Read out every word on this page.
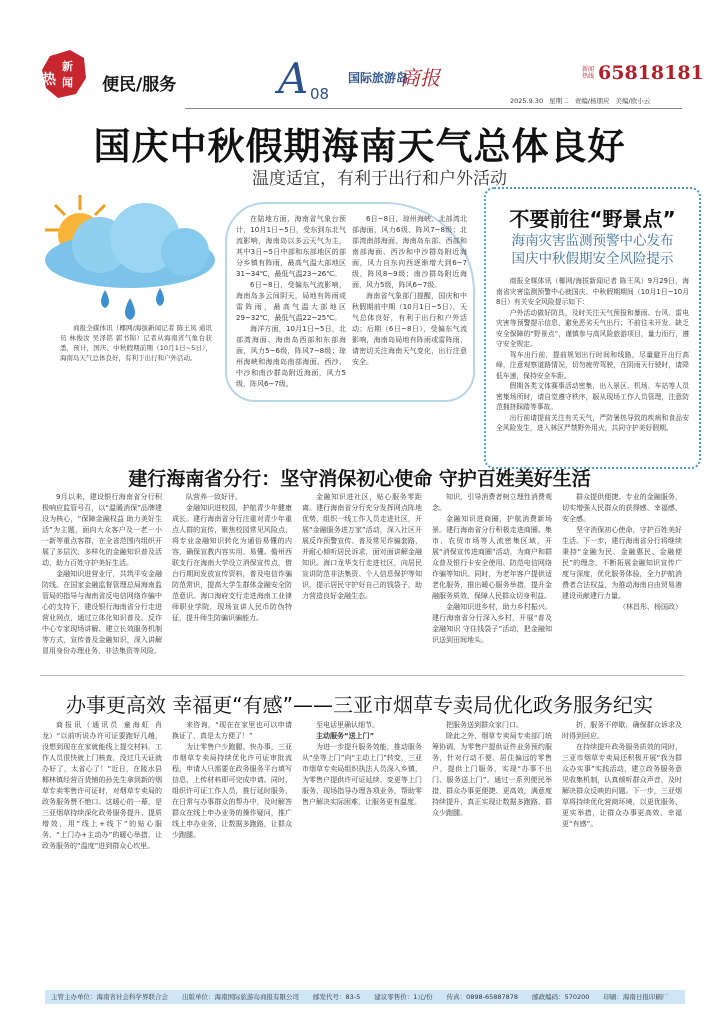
新
闻
热	便民/服务 A 08
国际旅游岛
商报	新闻热线 65818181
2025.9.30 星期二 责编/杨朋应 美编/欧小云
国庆中秋假期海南天气总体良好
温度适宜，有利于出行和户外活动

商报全媒体讯（椰网/海拔新闻记者 陈王凤 通讯员 林俊汝 吴泽铭 郭书锦）记者从海南省气象台获悉，预计，国庆、中秋假期前期（10月1日~5日），海南岛天气总体良好，有利于出行和户外活动。

在陆地方面，海南省气象台预计，10月1日~5日，受东到东北气流影响，海南岛以多云天气为主，其中3日~5日中部和东部地区的部分乡镇有阵雨，最高气温大部地区31~34℃，最低气温23~26℃。

6日~8日，受偏东气流影响，海南岛多云间阴天，局地有阵雨或雷阵雨，最高气温大部地区29~32℃，最低气温22~25℃。

海洋方面，10月1日~5日，北部湾海面、海南岛西部和东部海面，风力5~6级，阵风7~8级；琼州海峡和海南岛南部海面、西沙、中沙和南沙群岛附近海面，风力5级，阵风6~7级。

6日~8日，琼州海峡、北部湾北部海面，风力6级、阵风7~8级；北部湾南部海面、海南岛东部、西部和南部海面、西沙和中沙群岛附近海面，风力自东向西逐渐增大到6~7级，阵风8~9级；南沙群岛附近海面，风力5级，阵风6~7级。

海南省气象部门提醒，国庆和中秋假期前中期（10月1日~5日），天气总体良好，有利于出行和户外活动；后期（6日~8日），受偏东气流影响，海南岛局地有阵雨或雷阵雨，请密切关注海南天气变化，出行注意安全。

不要前往“野景点”
海南灾害监测预警中心发布
国庆中秋假期安全风险提示

商报全媒体讯（椰网/海拔新闻记者 陈王凤）9月29日，海南省灾害监测预警中心就国庆、中秋假期期间（10月1日~10月8日）有关安全风险提示如下：

户外活动做好防具，及时关注天气预报和暴雨、台风、雷电灾害等预警提示信息，避免恶劣天气出行；不前往未开发、缺乏安全保障的“野景点”，谨慎参与高风险旅游项目，量力而行，遵守安全规定。

驾车出行前，提前规划出行时间和线路，尽量避开出行高峰，注意观察道路情况，切勿疲劳驾驶，在阴雨天行驶时，请降低车速，保持安全车距。

假期各类文体赛事活动密集，出入景区、机场、车站等人员密集场所时，请自觉遵守秩序，服从现场工作人员管理，注意防范拥挤踩踏等事故。

出行前请提前关注有关天气，严防暑热导致的疾病和食品安全风险发生，进入林区严禁野外用火，共同守护美好假期。

建行海南省分行：坚守消保初心使命 守护百姓美好生活

9月以来，建设银行海南省分行积极响应监管号召，以“温暖消保”品牌建设为核心，“保障金融权益 助力美好生活”为主题，面向大众客户及一老一小一新等重点客群，在全省范围内组织开展了多层次、多样化的金融知识普及活动，助力百姓守护美好生活。

金融知识进营业厅，共筑平安金融防线。在国家金融监督管理总局海南监管局的指导与海南省反电信网络诈骗中心的支持下，建设银行海南省分行走进营业网点，通过立体化知识普及、反诈中心专家现场讲解、建立长效服务机制等方式，宣传普及金融知识，深入讲解冒用身份办理业务、非法集资等风险。

队营养一致好评。

金融知识进校园，护航青少年健康成长。建行海南省分行注重对青少年重点人群的宣传，聚焦校园常见风险点，将专业金融知识转化为通俗易懂的内容，确保宣教内容实用、易懂。儋州西联支行在海南大学设立消保宣传点，借台行期间发放宣传资料，普及电信诈骗防范常识，提高大学生群体金融安全防范意识。海口海府支行走进海南工业律师职业学院，现场宣讲人民币防伪特征，提升师生防骗识骗能力。

金融知识进社区，贴心服务零距离。建行海南省分行充分发挥网点阵地优势，组织一线工作人员走进社区，开展“金融服务进万家”活动，深入社区开展反诈预警宣传、普及常见诈骗套路，并耐心倾听居民诉求，面对面讲解金融知识。海口龙华支行走进社区，向居民宣讲防范非法集资、个人信息保护等知识，提示居民守护好自己的钱袋子，助力营造良好金融生态。

知识，引导消费者树立理性消费观念。

金融知识进商圈，护航消费新场景。建行海南省分行积极走进商圈、集市、农贸市场等人流密集区域，开展“消保宣传进商圈”活动，为商户和群众普及银行卡安全使用、防范电信网络诈骗等知识。同时，为老年客户提供适老化服务，推出暖心服务举措，提升金融服务质效，保障人民群众切身利益。

金融知识进乡村，助力乡村振兴。建行海南省分行深入乡村，开展“普及金融知识 守住钱袋子”活动，把金融知识送到田间地头。

群众提供便捷、专业的金融服务，切实增强人民群众的获得感、幸福感、安全感。

坚守消保初心使命，守护百姓美好生活。下一步，建行海南省分行将继续秉持“金融为民、金融惠民、金融便民”的理念，不断拓展金融知识宣传广度与深度，优化服务体验，全力护航消费者合法权益，为推动海南自由贸易港建设贡献建行力量。

（林昌彤、杨国政）

办事更高效 幸福更“有感”——三亚市烟草专卖局优化政务服务纪实

商报讯（通讯员 童海虹 肖龙）“以前听说办许可证要跑好几趟，没想到现在在家就能线上提交材料，工作人员很快就上门核查，没过几天证就办好了，太省心了！”近日，在陵水县椰林镇经营百货铺的孙先生拿到新的烟草专卖零售许可证时，对烟草专卖局的政务服务赞不绝口。这暖心的一幕，是三亚烟草持续深化政务服务提升、提质增效，用“线上+线下”的贴心服务、“上门办+主动办”的暖心举措，让政务服务的“温度”进到群众心坎里。

来咨询，“现在在家里也可以申请换证了，真是太方便了！”

为让零售户少跑腿、快办事，三亚市烟草专卖局持续优化许可证审批流程，申请人只需要在政务服务平台填写信息，上传材料即可完成申请。同时，组织许可证工作人员，推行延时服务，在日常与办事群众的帮办中，及时解答群众在线上申办业务的操作疑问，推广线上申办业务，让数据多跑路，让群众少跑腿。

至电话里确认细节。

主动服务“送上门”

为进一步提升服务效能，推动服务从“坐等上门”向“主动上门”转变，三亚市烟草专卖局组织执法人员深入乡镇，为零售户提供许可证延续、变更等上门服务，现场指导办理各项业务，帮助零售户解决实际困难，让服务更有温度。

把服务送到群众家门口。

除此之外，烟草专卖局专卖部门统筹协调，为零售户提供证件业务预约服务，针对行动不便、居住偏远的零售户，提供上门服务，实现“办事不出门、服务送上门”。通过一系列便民举措，群众办事更便捷、更高效，满意度持续提升，真正实现让数据多跑路、群众少跑腿。

折，服务不停歇，确保群众诉求及时得到回应。

在持续提升政务服务质效的同时，三亚市烟草专卖局还积极开展“我为群众办实事”实践活动，建立政务服务意见收集机制，认真倾听群众声音，及时解决群众反映的问题。下一步，三亚烟草将持续优化营商环境，以更优服务、更实举措，让群众办事更高效、幸福更“有感”。

主管主办单位：海南省社会科学界联合会 出版单位：海南国际旅游岛商报有限公司 邮发代号：83-5 建议零售价：1元/份 传真：0898-65887878 邮政编码：570200 印刷：海南日报印刷厂
